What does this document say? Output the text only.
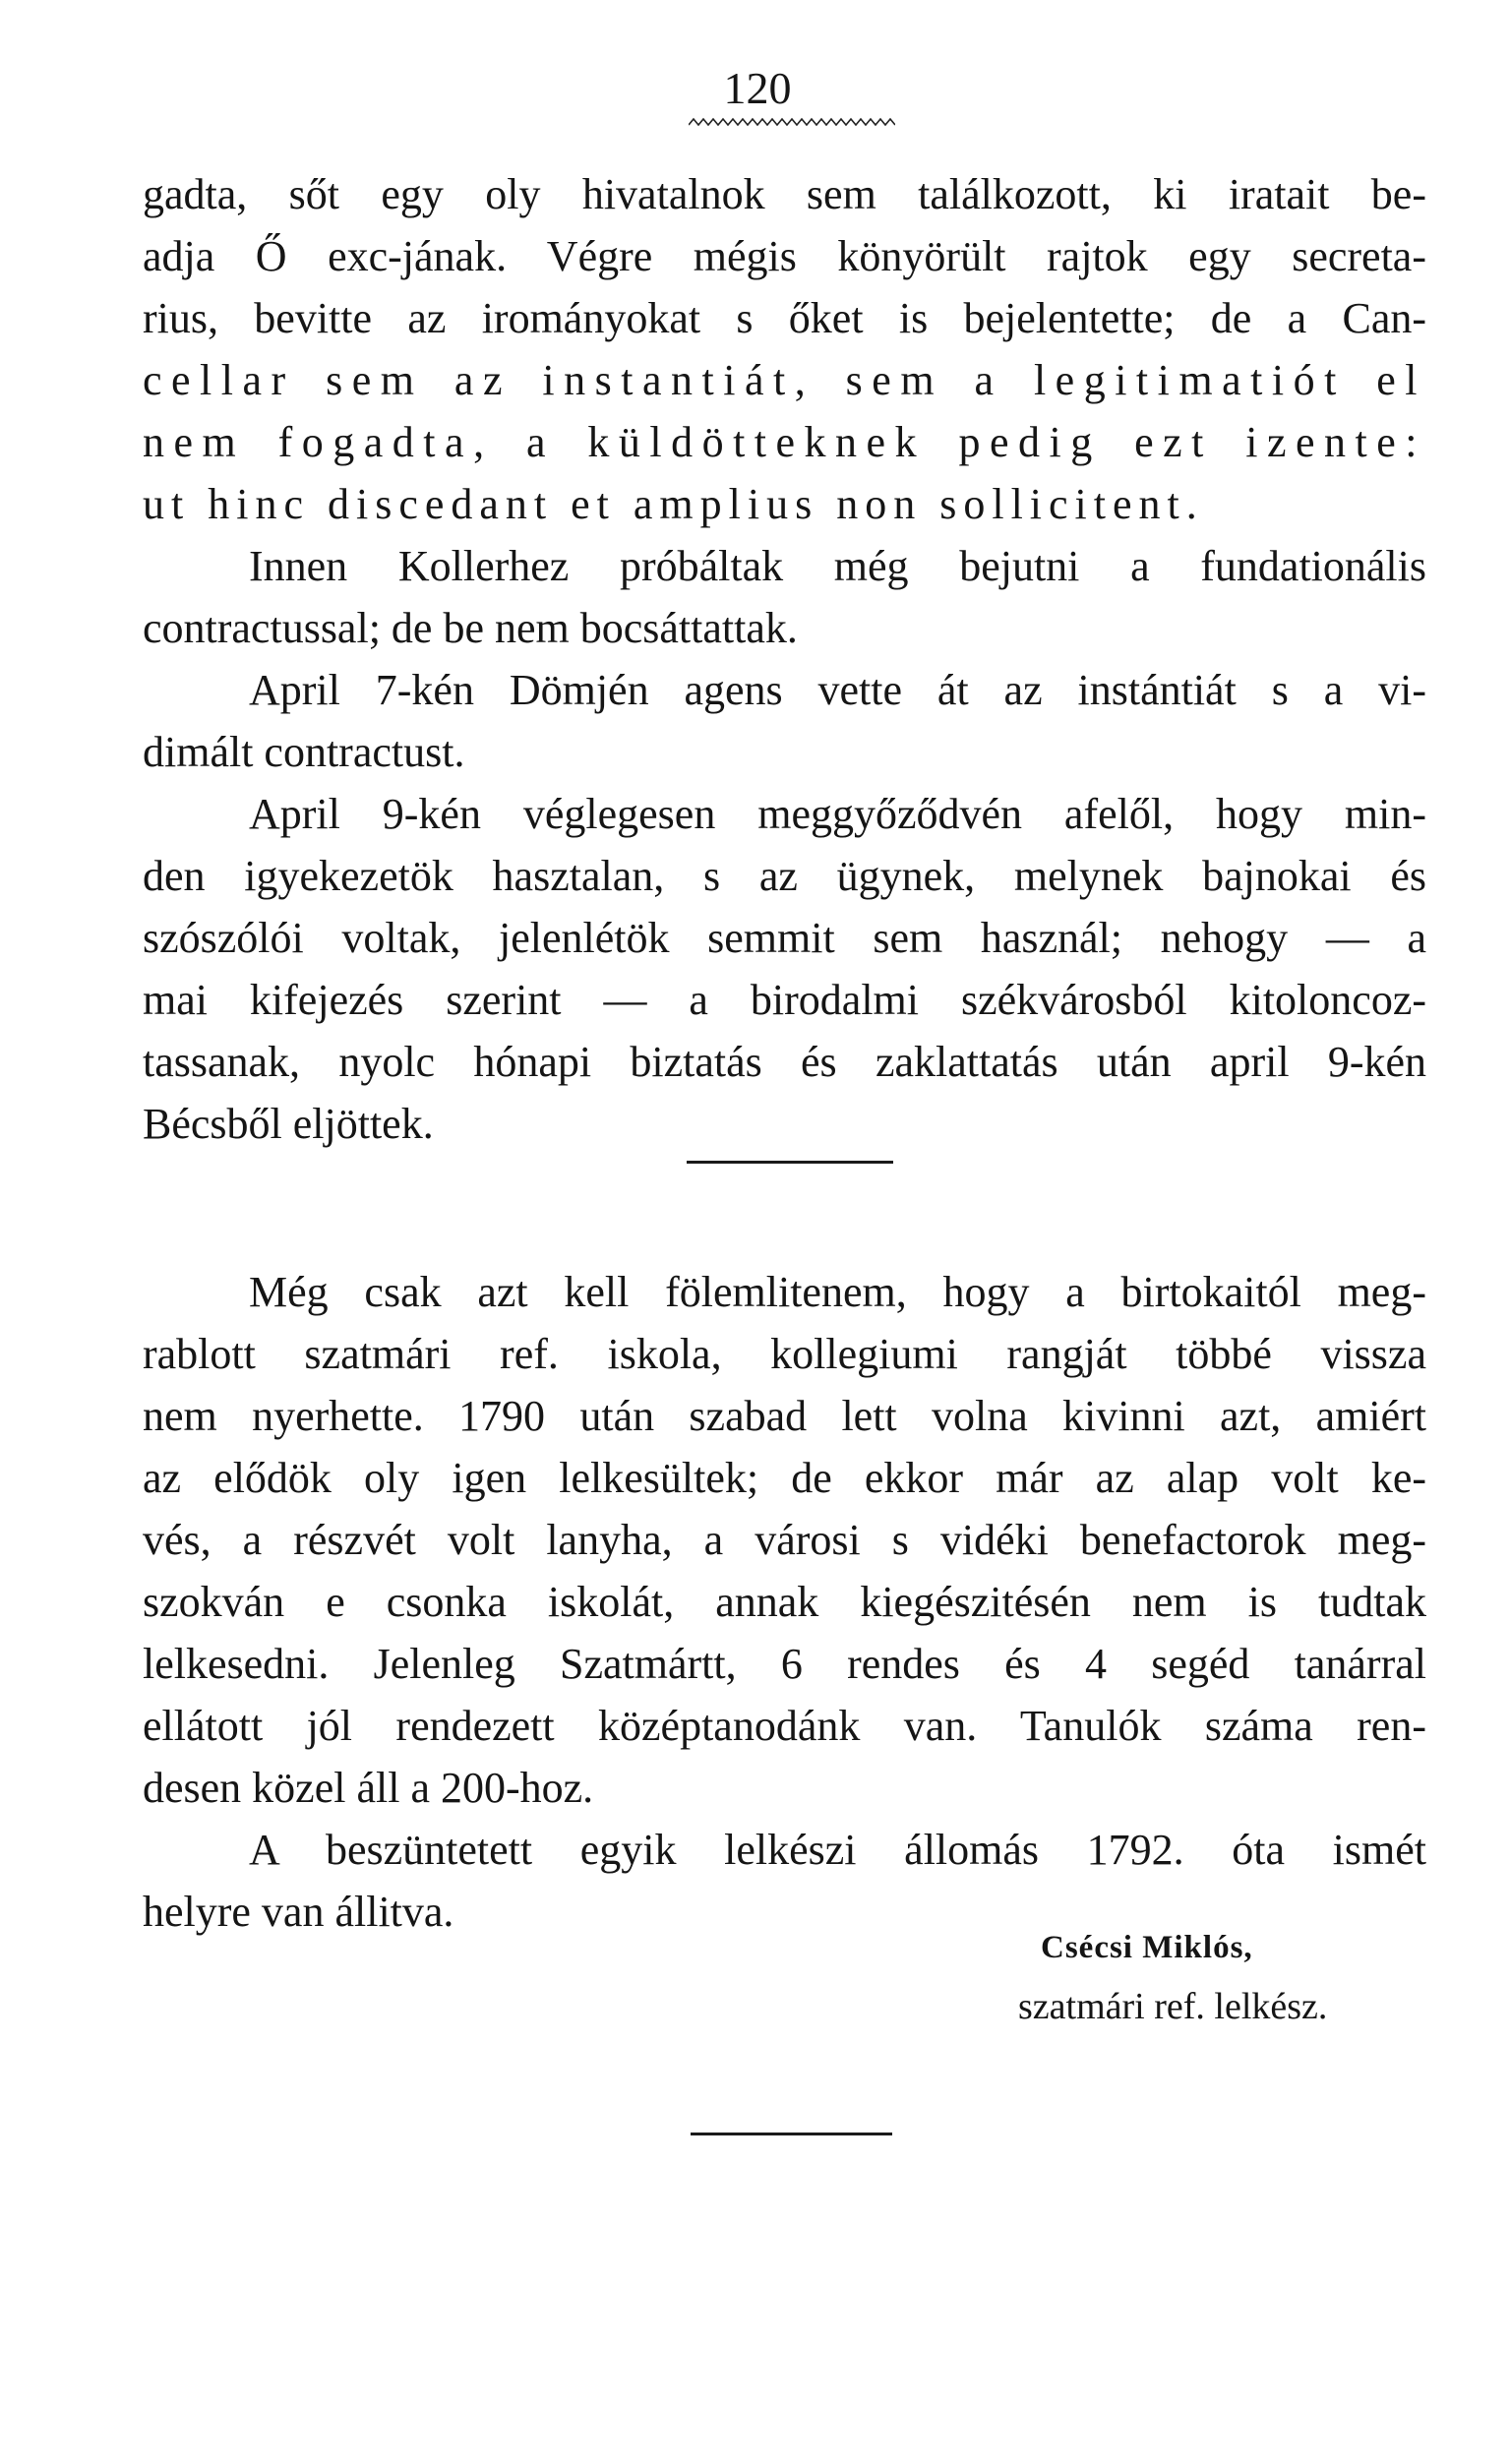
120
gadta, sőt egy oly hivatalnok sem találkozott, ki iratait be-
adja Ő exc-jának. Végre mégis könyörült rajtok egy secreta-
rius, bevitte az irományokat s őket is bejelentette; de a Can-
cellar sem az instantiát, sem a legitimatiót el
nem fogadta, a küldötteknek pedig ezt izente:
ut hinc discedant et amplius non sollicitent.
Innen Kollerhez próbáltak még bejutni a fundationális
contractussal; de be nem bocsáttattak.
April 7-kén Dömjén agens vette át az instántiát s a vi-
dimált contractust.
April 9-kén véglegesen meggyőződvén afelől, hogy min-
den igyekezetök hasztalan, s az ügynek, melynek bajnokai és
szószólói voltak, jelenlétök semmit sem használ; nehogy — a
mai kifejezés szerint — a birodalmi székvárosból kitoloncoz-
tassanak, nyolc hónapi biztatás és zaklattatás után april 9-kén
Bécsből eljöttek.
Még csak azt kell fölemlitenem, hogy a birtokaitól meg-
rablott szatmári ref. iskola, kollegiumi rangját többé vissza
nem nyerhette. 1790 után szabad lett volna kivinni azt, amiért
az elődök oly igen lelkesültek; de ekkor már az alap volt ke-
vés, a részvét volt lanyha, a városi s vidéki benefactorok meg-
szokván e csonka iskolát, annak kiegészitésén nem is tudtak
lelkesedni. Jelenleg Szatmártt, 6 rendes és 4 segéd tanárral
ellátott jól rendezett középtanodánk van. Tanulók száma ren-
desen közel áll a 200-hoz.
A beszüntetett egyik lelkészi állomás 1792. óta ismét
helyre van állitva.
Csécsi Miklós,
szatmári ref. lelkész.
